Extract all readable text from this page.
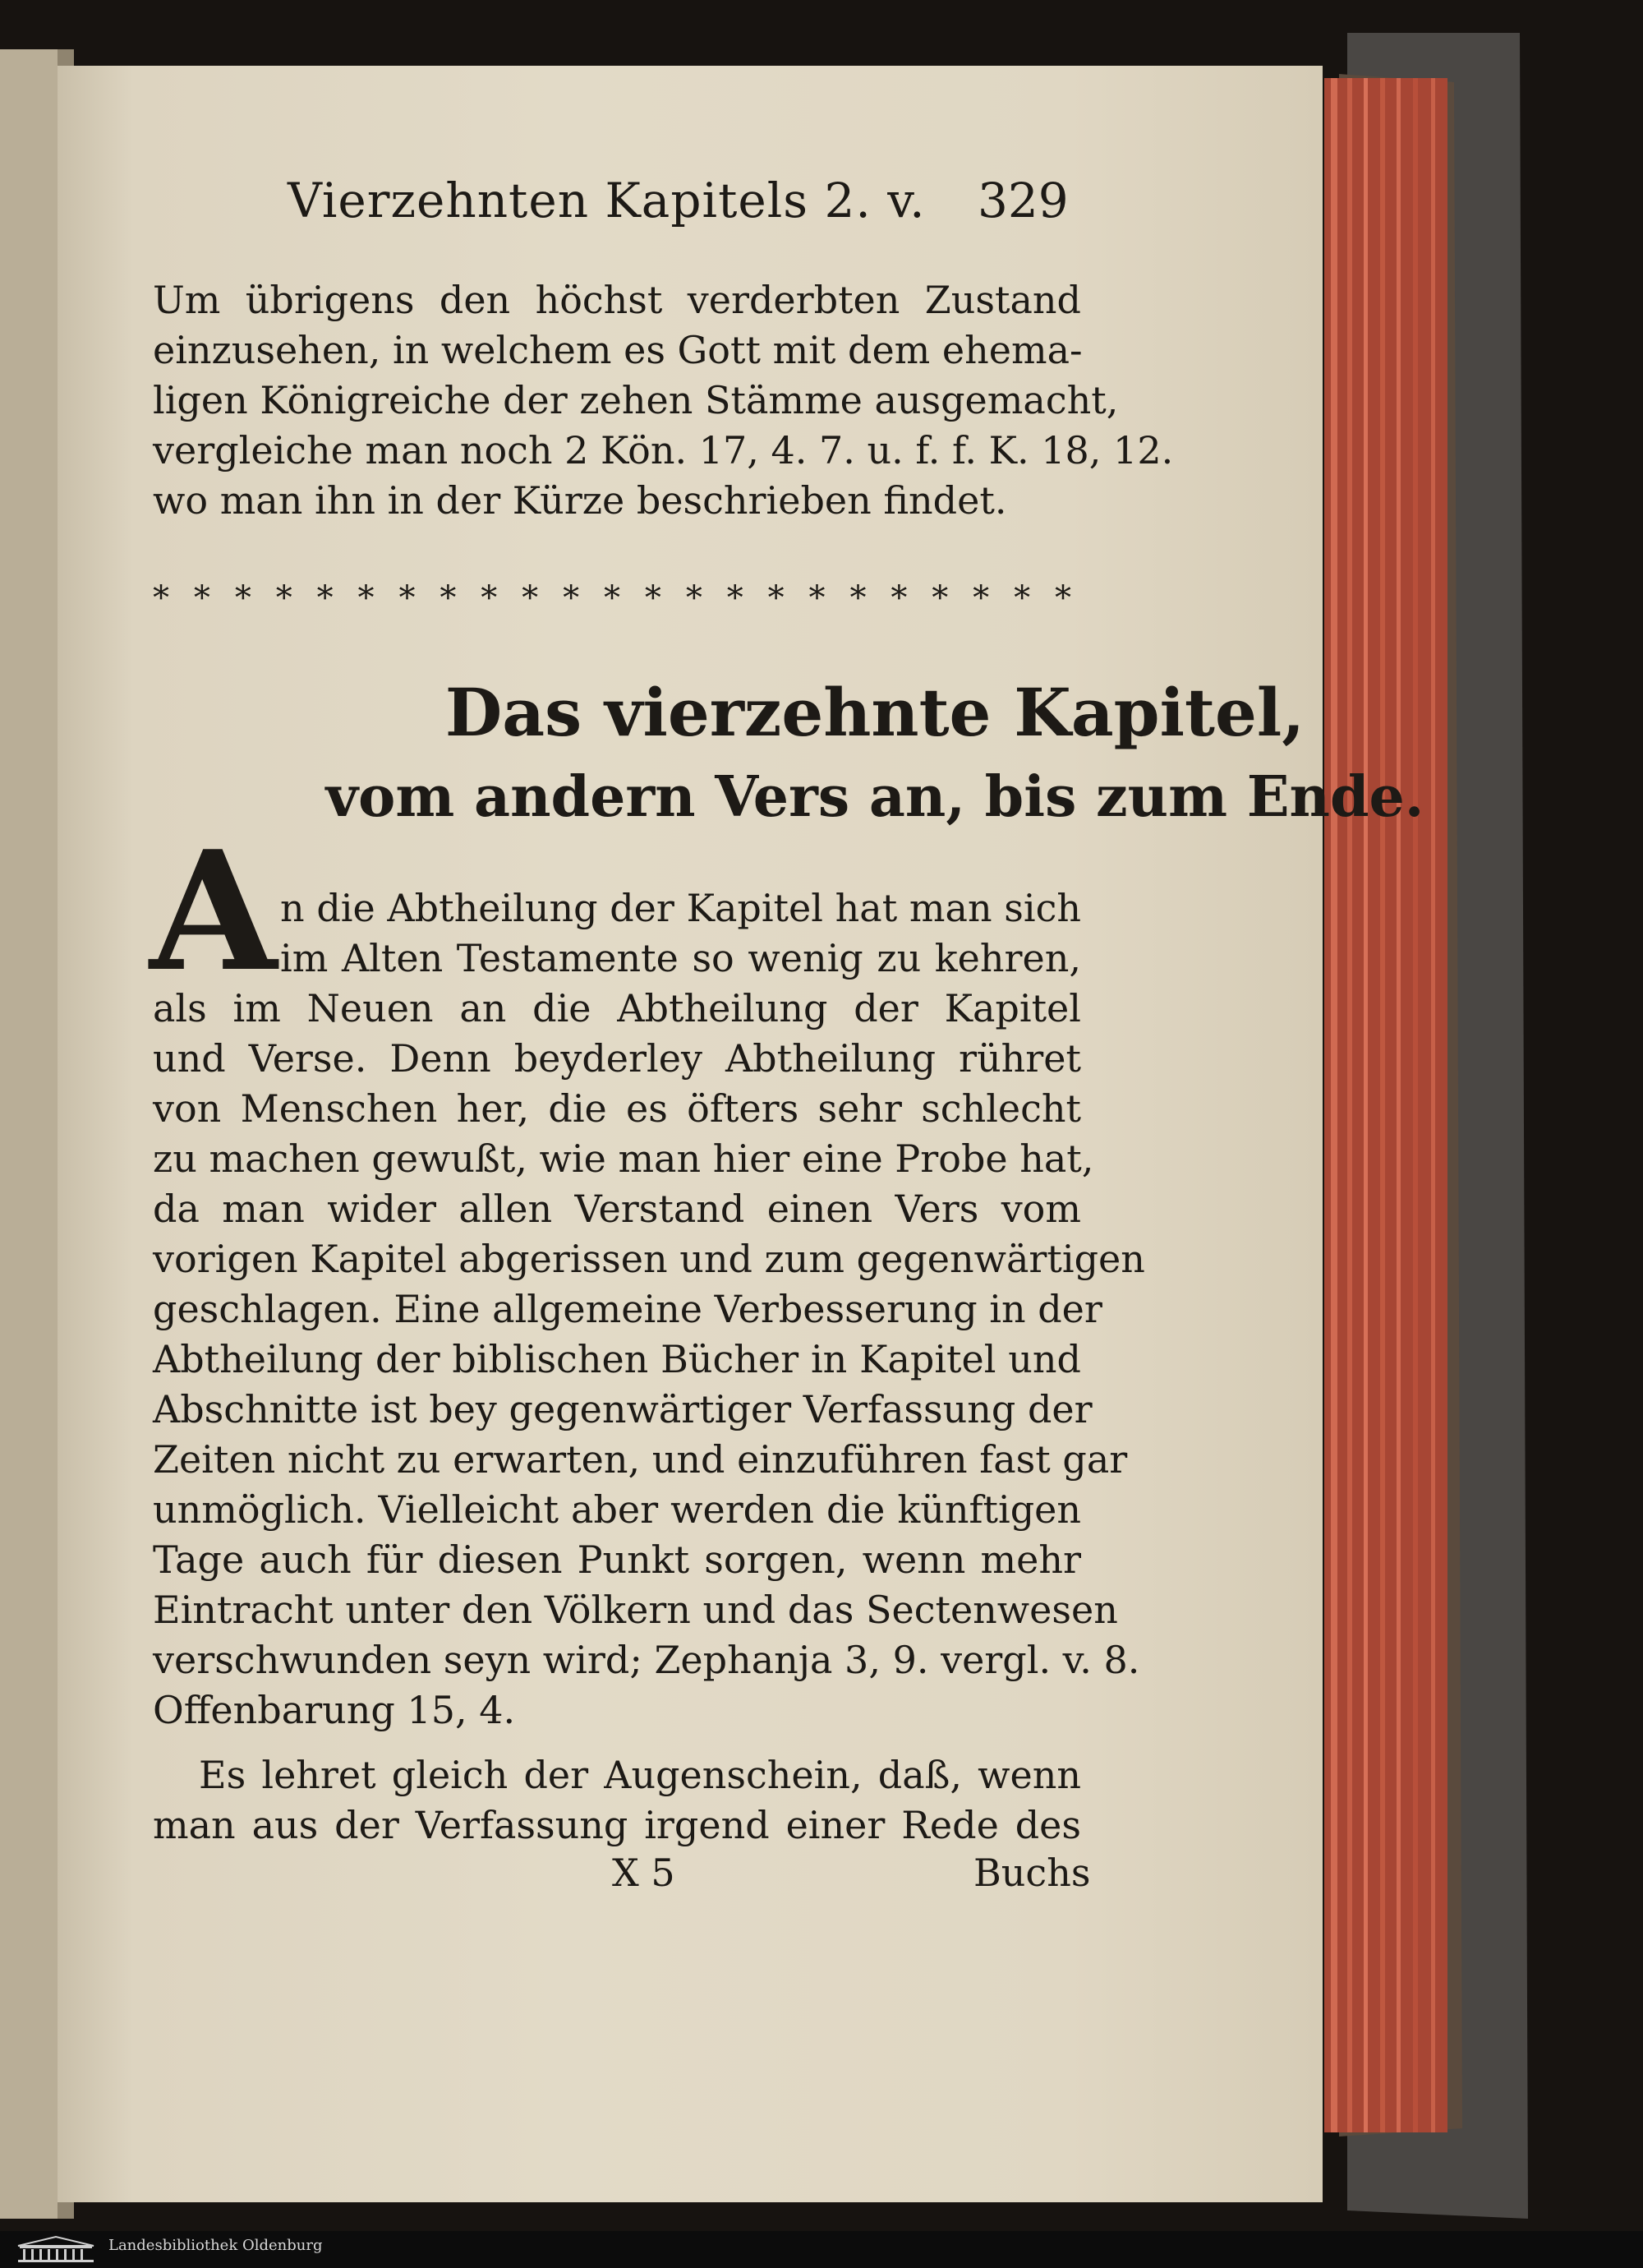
Vierzehnten Kapitels 2. v. 329
Um übrigens den höchst verderbten Zustand
einzusehen, in welchem es Gott mit dem ehema-
ligen Königreiche der zehen Stämme ausgemacht,
vergleiche man noch 2 Kön. 17, 4. 7. u. f. f. K. 18, 12.
wo man ihn in der Kürze beschrieben findet.
* * * * * * * * * * * * * * * * * * * * * * *
Das vierzehnte Kapitel,
vom andern Vers an, bis zum Ende.
A n die Abtheilung der Kapitel hat man sich
im Alten Testamente so wenig zu kehren,
als im Neuen an die Abtheilung der Kapitel
und Verse. Denn beyderley Abtheilung rühret
von Menschen her, die es öfters sehr schlecht
zu machen gewußt, wie man hier eine Probe hat,
da man wider allen Verstand einen Vers vom
vorigen Kapitel abgerissen und zum gegenwärtigen
geschlagen. Eine allgemeine Verbesserung in der
Abtheilung der biblischen Bücher in Kapitel und
Abschnitte ist bey gegenwärtiger Verfassung der
Zeiten nicht zu erwarten, und einzuführen fast gar
unmöglich. Vielleicht aber werden die künftigen
Tage auch für diesen Punkt sorgen, wenn mehr
Eintracht unter den Völkern und das Sectenwesen
verschwunden seyn wird; Zephanja 3, 9. vergl. v. 8.
Offenbarung 15, 4.
Es lehret gleich der Augenschein, daß, wenn
man aus der Verfassung irgend einer Rede des
X 5	Buchs
Landesbibliothek Oldenburg
